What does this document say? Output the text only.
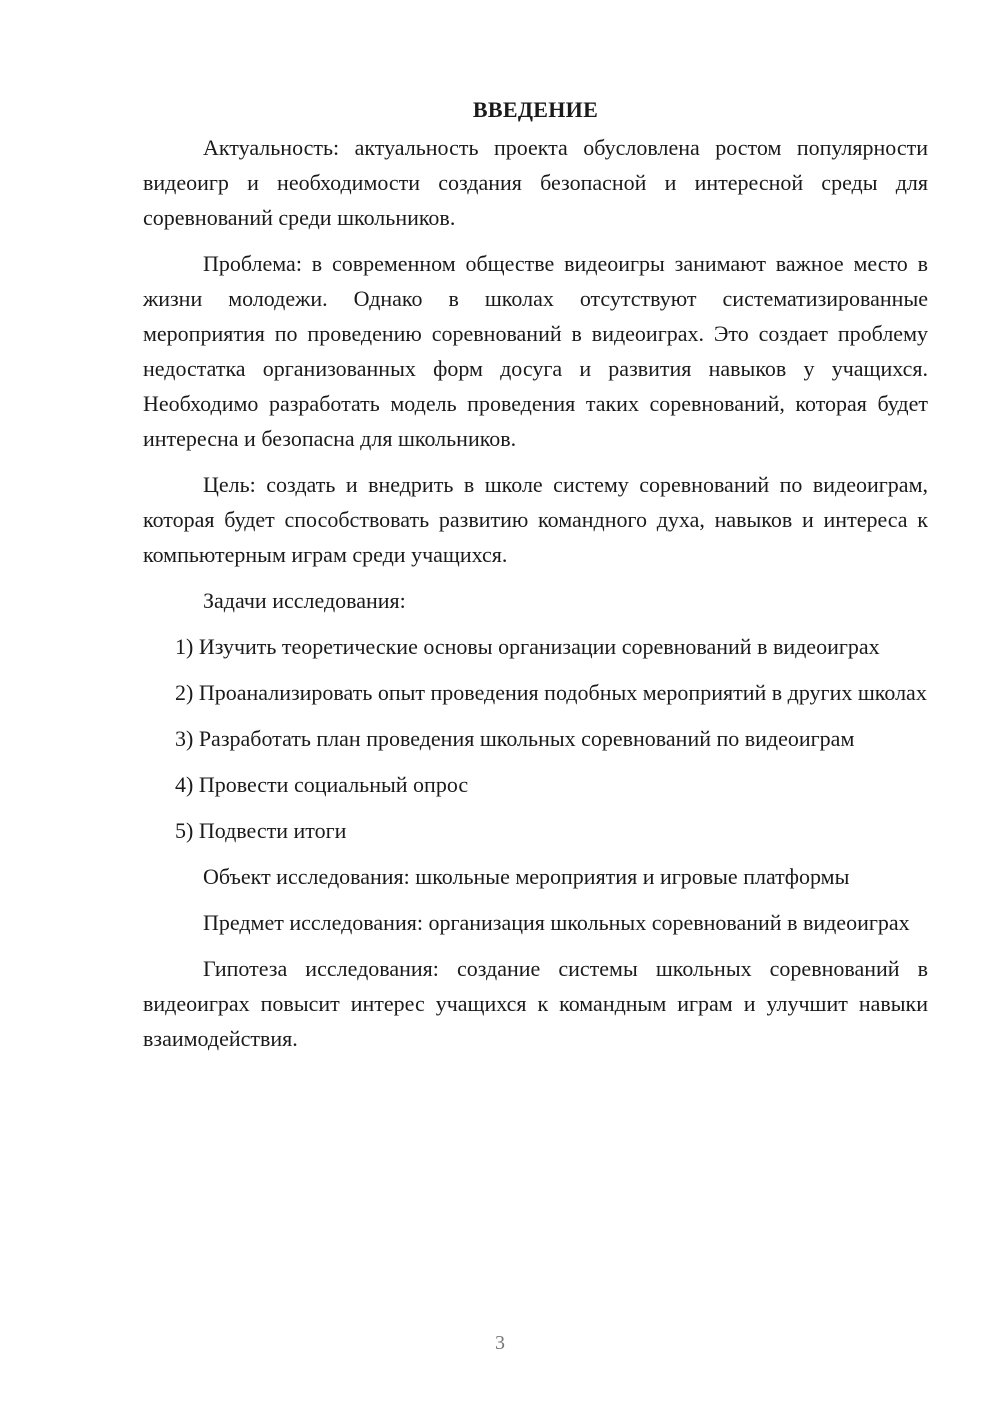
ВВЕДЕНИЕ

Актуальность: актуальность проекта обусловлена ростом популярности видеоигр и необходимости создания безопасной и интересной среды для соревнований среди школьников.

Проблема: в современном обществе видеоигры занимают важное место в жизни молодежи. Однако в школах отсутствуют систематизированные мероприятия по проведению соревнований в видеоиграх. Это создает проблему недостатка организованных форм досуга и развития навыков у учащихся. Необходимо разработать модель проведения таких соревнований, которая будет интересна и безопасна для школьников.

Цель: создать и внедрить в школе систему соревнований по видеоиграм, которая будет способствовать развитию командного духа, навыков и интереса к компьютерным играм среди учащихся.

Задачи исследования:

1) Изучить теоретические основы организации соревнований в видеоиграх

2) Проанализировать опыт проведения подобных мероприятий в других школах

3) Разработать план проведения школьных соревнований по видеоиграм

4) Провести социальный опрос

5) Подвести итоги

Объект исследования: школьные мероприятия и игровые платформы

Предмет исследования: организация школьных соревнований в видеоиграх

Гипотеза исследования: создание системы школьных соревнований в видеоиграх повысит интерес учащихся к командным играм и улучшит навыки взаимодействия.

3
